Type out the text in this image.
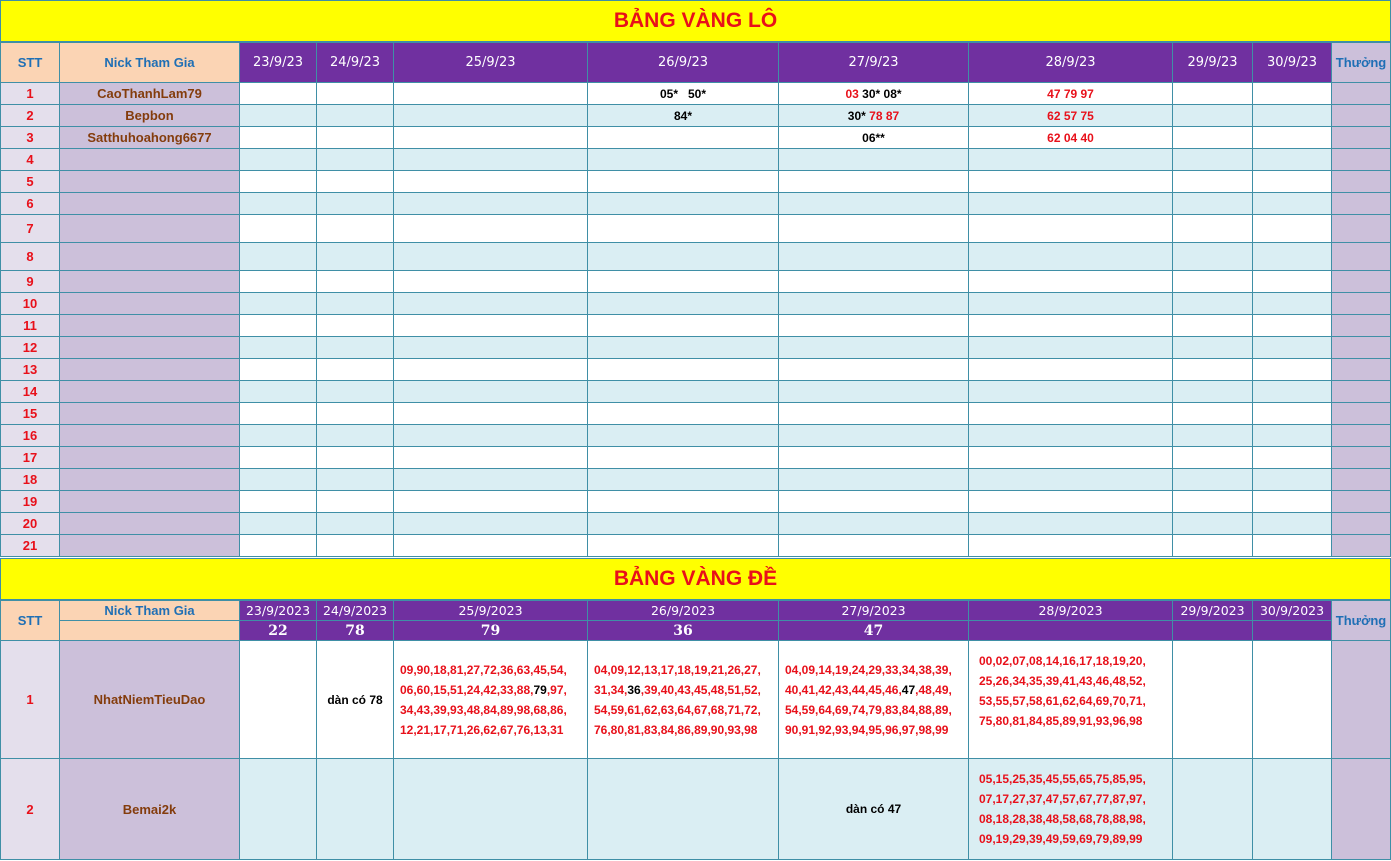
BẢNG VÀNG LÔ
STT	Nick Tham Gia	23/9/23	24/9/23	25/9/23	26/9/23	27/9/23	28/9/23	29/9/23	30/9/23	Thưởng
1	CaoThanhLam79				05*   50*	03 30* 08*	47 79 97			
2	Bepbon				84*	30* 78 87	62 57 75			
3	Satthuhoahong6677					06**	62 04 40			
4										
5										
6										
7										
8										
9										
10										
11										
12										
13										
14										
15										
16										
17										
18										
19										
20										
21										
BẢNG VÀNG ĐỀ
STT	Nick Tham Gia	23/9/2023	24/9/2023	25/9/2023	26/9/2023	27/9/2023	28/9/2023	29/9/2023	30/9/2023	Thưởng
		22	78	79	36	47				
1	NhatNiemTieuDao		dàn có 78	09,90,18,81,27,72,36,63,45,54,
06,60,15,51,24,42,33,88,79,97,
34,43,39,93,48,84,89,98,68,86,
12,21,17,71,26,62,67,76,13,31	04,09,12,13,17,18,19,21,26,27,
31,34,36,39,40,43,45,48,51,52,
54,59,61,62,63,64,67,68,71,72,
76,80,81,83,84,86,89,90,93,98	04,09,14,19,24,29,33,34,38,39,
40,41,42,43,44,45,46,47,48,49,
54,59,64,69,74,79,83,84,88,89,
90,91,92,93,94,95,96,97,98,99	00,02,07,08,14,16,17,18,19,20,
25,26,34,35,39,41,43,46,48,52,
53,55,57,58,61,62,64,69,70,71,
75,80,81,84,85,89,91,93,96,98			
2	Bemai2k					dàn có 47	05,15,25,35,45,55,65,75,85,95,
07,17,27,37,47,57,67,77,87,97,
08,18,28,38,48,58,68,78,88,98,
09,19,29,39,49,59,69,79,89,99			
